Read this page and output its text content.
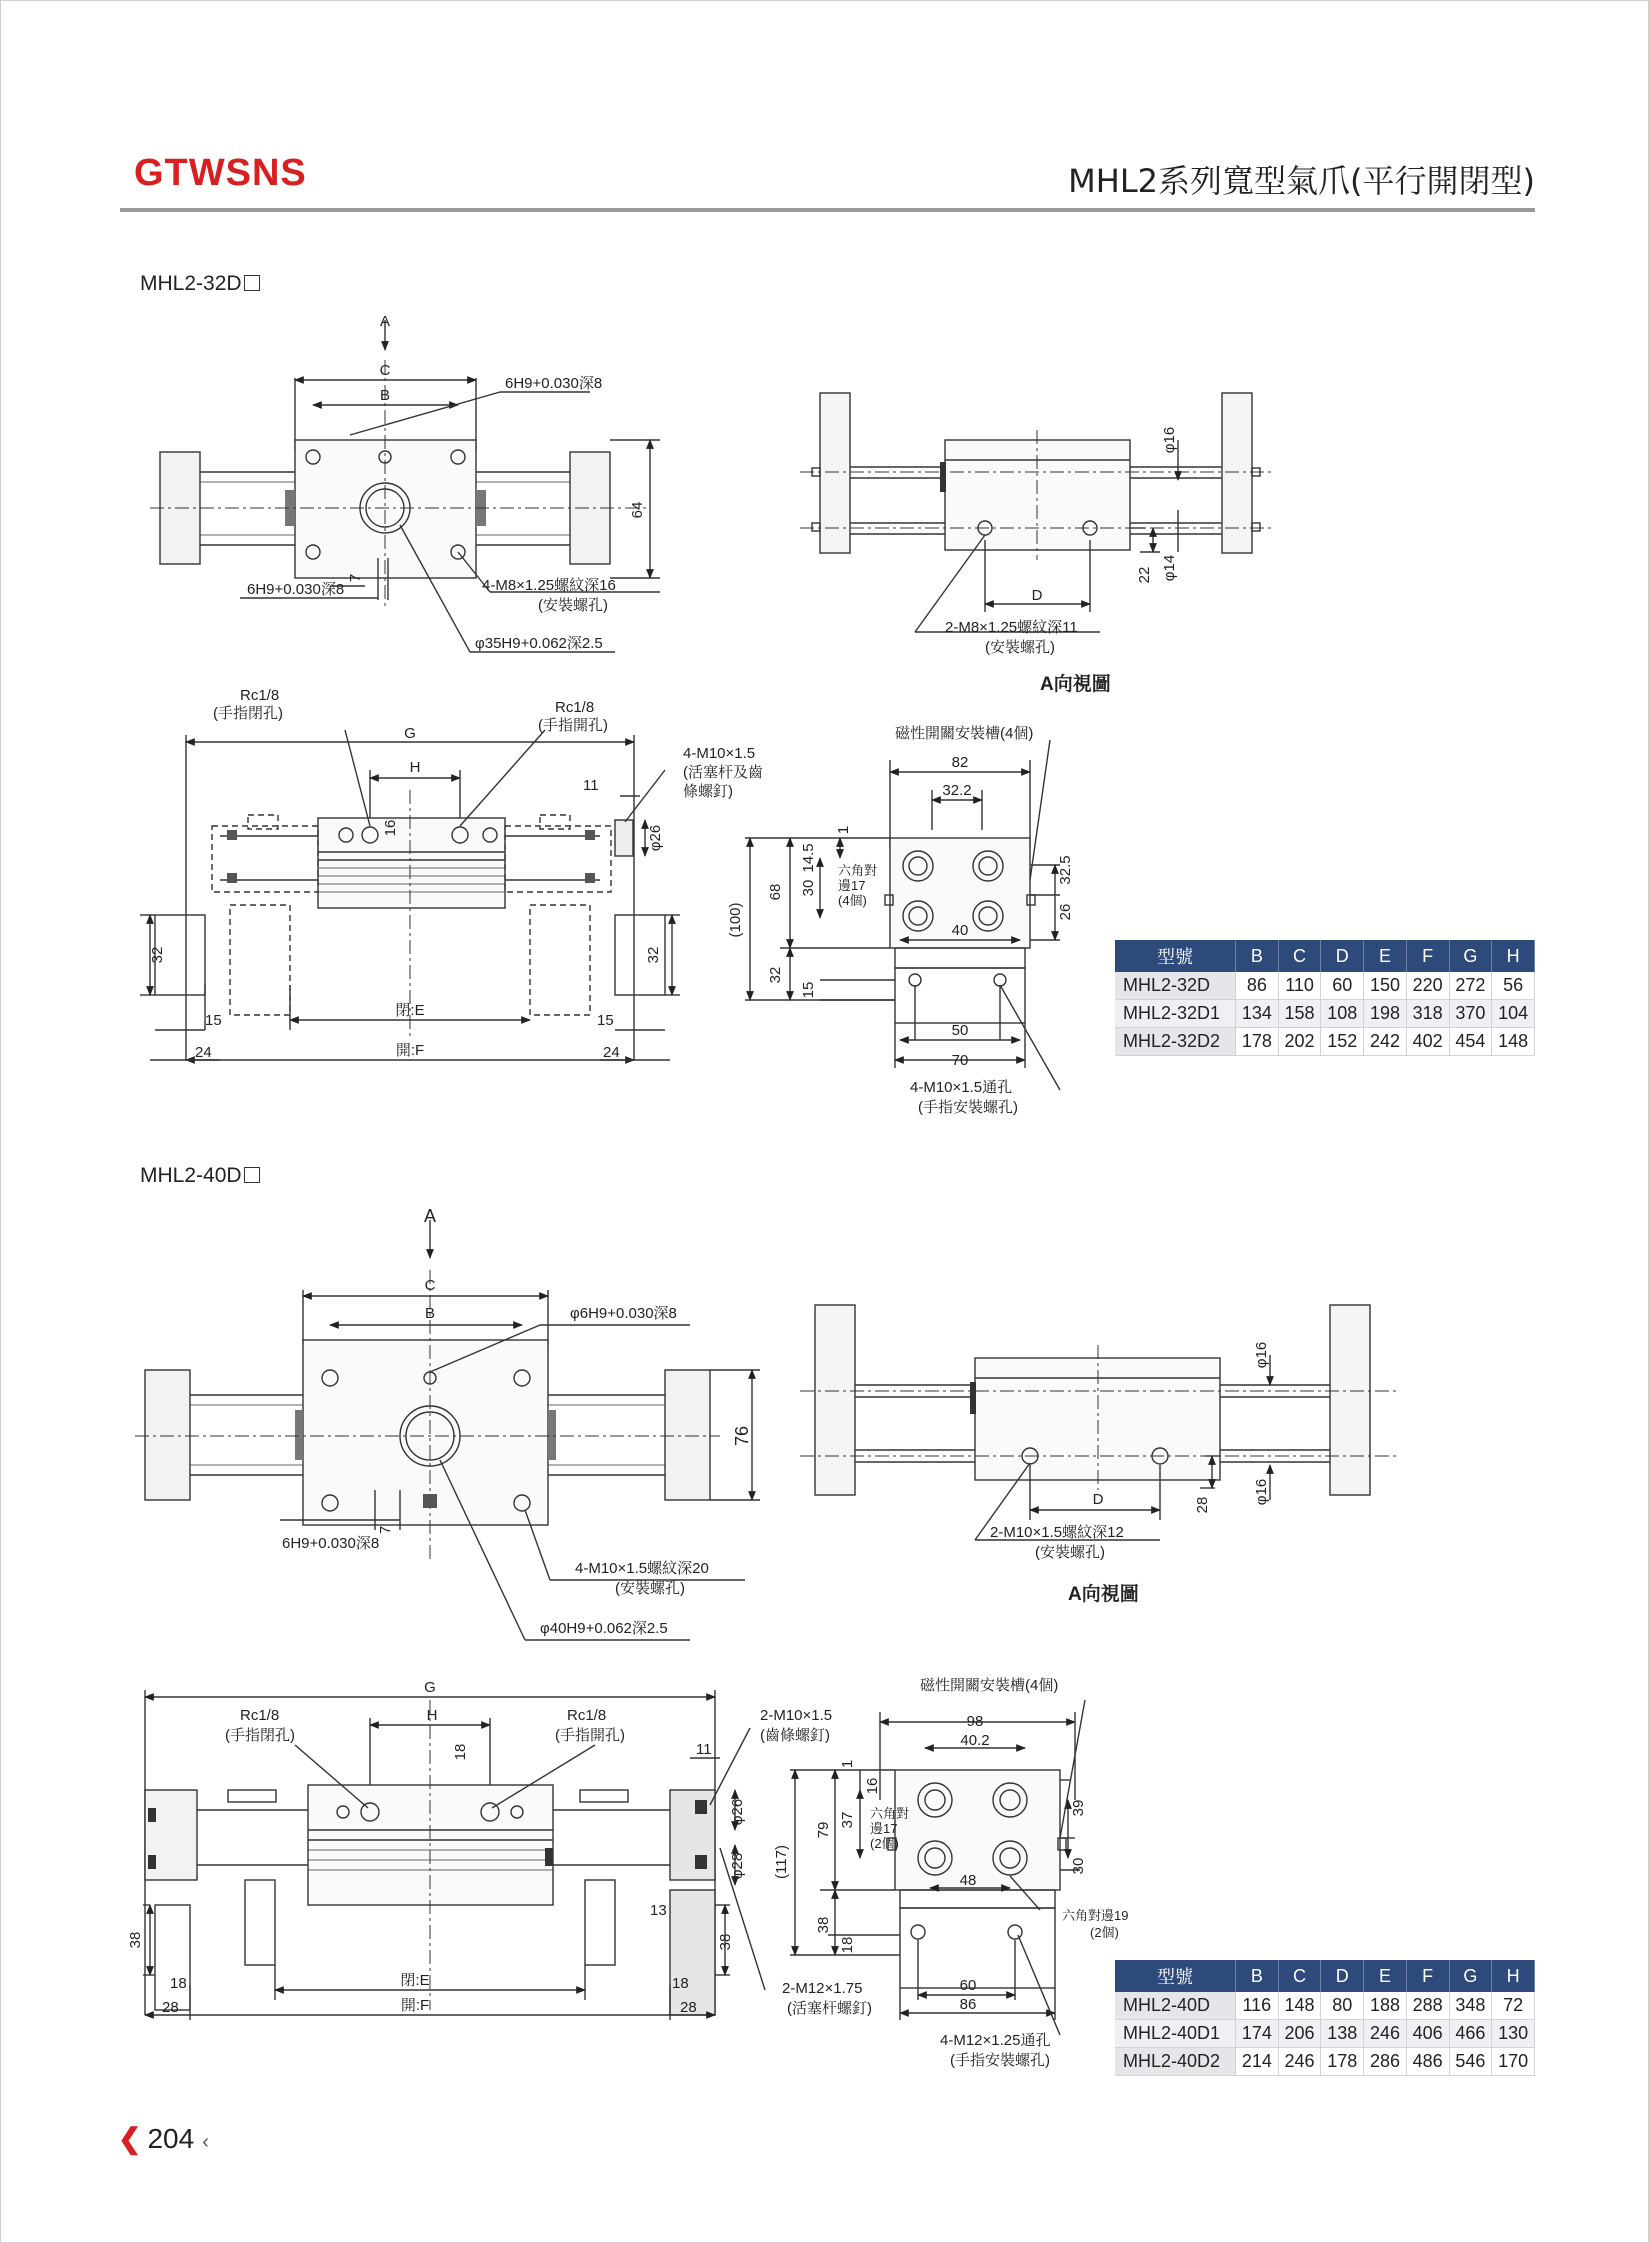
GTWSNS	MHL2系列寬型氣爪(平行開閉型)
MHL2-32D
MHL2-40D
A
C
B
6H9+0.030深8
6H9+0.030深8	4-M8×1.25螺紋深16
(安裝螺孔)
φ35H9+0.062深2.5
64
7
φ16
φ14
22
D
2-M8×1.25螺紋深11
(安裝螺孔)
A向視圖
Rc1/8
(手指閉孔)	Rc1/8
(手指開孔)
G
H
4-M10×1.5
(活塞杆及齒
條螺釘)
11
16	φ26
32	32
15	15
24	24
閉:E
開:F
磁性開關安裝槽(4個)
82
32.2
40
50
70
1
14.5
30
68
(100)
32
15
32.5
26
六角對
邊17
(4個)
4-M10×1.5通孔
(手指安裝螺孔)
A
C
B	φ6H9+0.030深8
6H9+0.030深8
4-M10×1.5螺紋深20
(安裝螺孔)
φ40H9+0.062深2.5
76
7
φ16
φ16
28
D
2-M10×1.5螺紋深12
(安裝螺孔)
A向視圖
G
H
Rc1/8
(手指閉孔)
Rc1/8
(手指開孔)
2-M10×1.5
(齒條螺釘)
2-M12×1.75
(活塞杆螺釘)
11
18
φ26
φ28
13
38	38
18	18
28	28
閉:E
開:F
磁性開關安裝槽(4個)
98
40.2
48
60
86
1
16
37
79
(117)
38
18
39
30
六角對
邊17
(2個)
六角對邊19
(2個)
4-M12×1.25通孔
(手指安裝螺孔)
型號	B	C	D	E	F	G	H
MHL2-32D	86	110	60	150	220	272	56
MHL2-32D1	134	158	108	198	318	370	104
MHL2-32D2	178	202	152	242	402	454	148
型號	B	C	D	E	F	G	H
MHL2-40D	116	148	80	188	288	348	72
MHL2-40D1	174	206	138	246	406	466	130
MHL2-40D2	214	246	178	286	486	546	170
❮ 204 ‹
